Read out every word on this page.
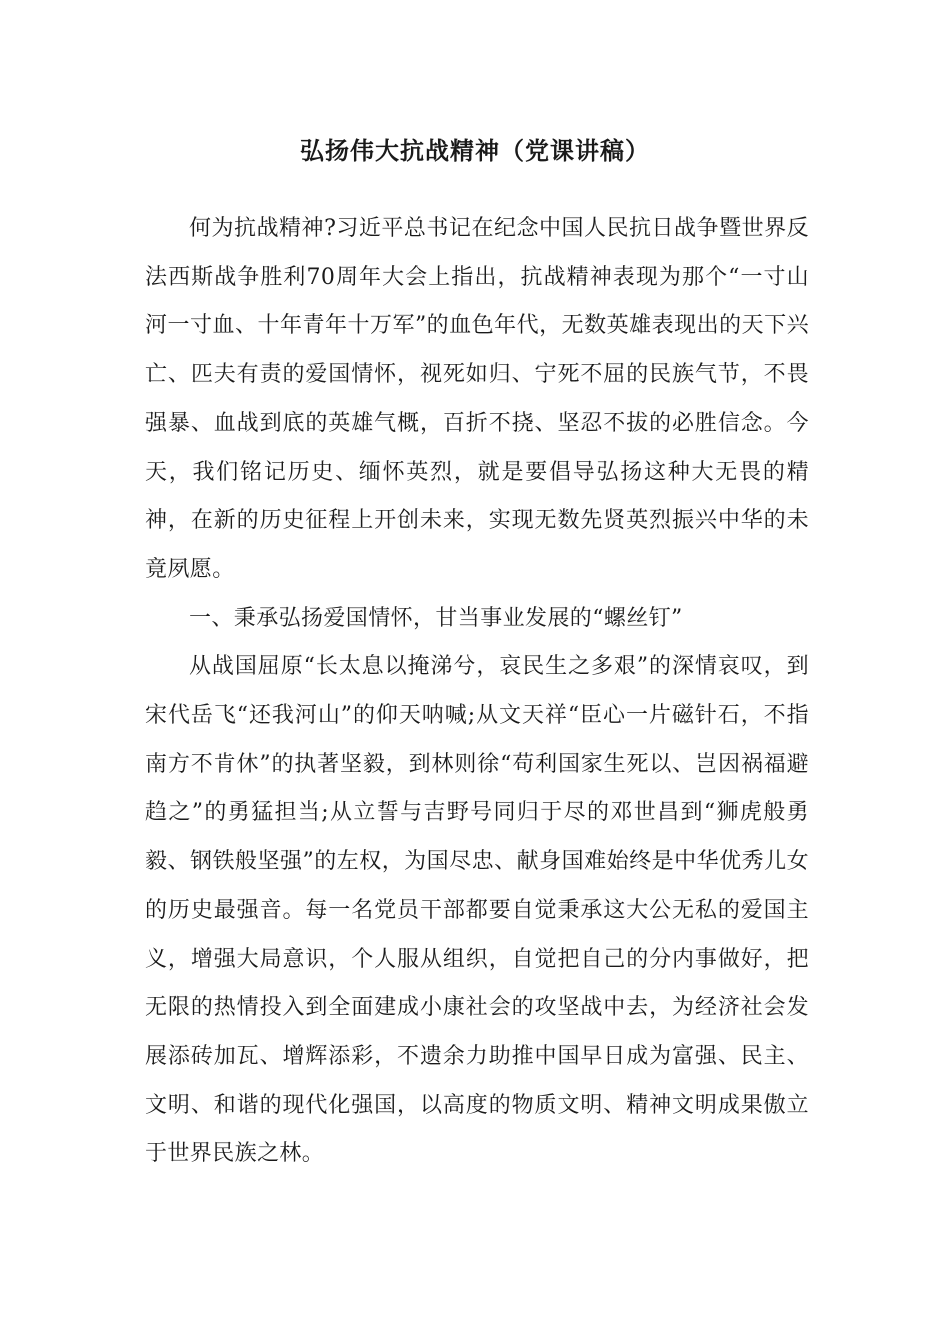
弘扬伟大抗战精神（党课讲稿）

何为抗战精神?习近平总书记在纪念中国人民抗日战争暨世界反法西斯战争胜利70周年大会上指出，抗战精神表现为那个“一寸山河一寸血、十年青年十万军”的血色年代，无数英雄表现出的天下兴亡、匹夫有责的爱国情怀，视死如归、宁死不屈的民族气节，不畏强暴、血战到底的英雄气概，百折不挠、坚忍不拔的必胜信念。今天，我们铭记历史、缅怀英烈，就是要倡导弘扬这种大无畏的精神，在新的历史征程上开创未来，实现无数先贤英烈振兴中华的未竟夙愿。

一、秉承弘扬爱国情怀，甘当事业发展的“螺丝钉”

从战国屈原“长太息以掩涕兮，哀民生之多艰”的深情哀叹，到宋代岳飞“还我河山”的仰天呐喊;从文天祥“臣心一片磁针石，不指南方不肯休”的执著坚毅，到林则徐“苟利国家生死以、岂因祸福避趋之”的勇猛担当;从立誓与吉野号同归于尽的邓世昌到“狮虎般勇毅、钢铁般坚强”的左权，为国尽忠、献身国难始终是中华优秀儿女的历史最强音。每一名党员干部都要自觉秉承这大公无私的爱国主义，增强大局意识，个人服从组织，自觉把自己的分内事做好，把无限的热情投入到全面建成小康社会的攻坚战中去，为经济社会发展添砖加瓦、增辉添彩，不遗余力助推中国早日成为富强、民主、文明、和谐的现代化强国，以高度的物质文明、精神文明成果傲立于世界民族之林。
